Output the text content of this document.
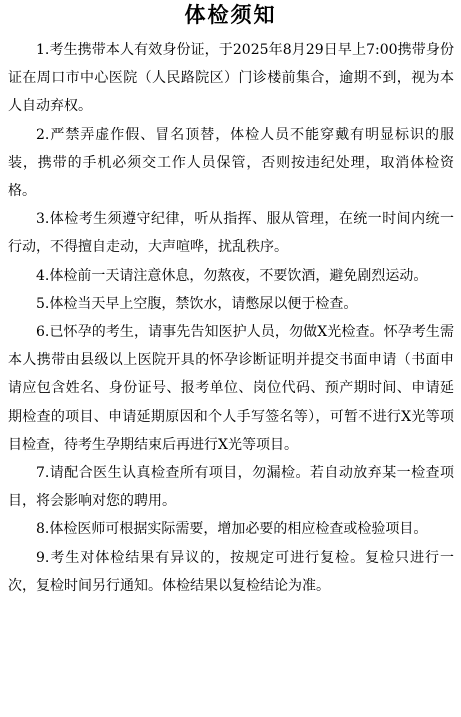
体检须知

1.考生携带本人有效身份证，于2025年8月29日早上7:00携带身份证在周口市中心医院（人民路院区）门诊楼前集合，逾期不到，视为本人自动弃权。

2.严禁弄虚作假、冒名顶替，体检人员不能穿戴有明显标识的服装，携带的手机必须交工作人员保管，否则按违纪处理，取消体检资格。

3.体检考生须遵守纪律，听从指挥、服从管理，在统一时间内统一行动，不得擅自走动，大声喧哗，扰乱秩序。

4.体检前一天请注意休息，勿熬夜，不要饮酒，避免剧烈运动。

5.体检当天早上空腹，禁饮水，请憋尿以便于检查。

6.已怀孕的考生，请事先告知医护人员，勿做X光检查。怀孕考生需本人携带由县级以上医院开具的怀孕诊断证明并提交书面申请（书面申请应包含姓名、身份证号、报考单位、岗位代码、预产期时间、申请延期检查的项目、申请延期原因和个人手写签名等），可暂不进行X光等项目检查，待考生孕期结束后再进行X光等项目。

7.请配合医生认真检查所有项目，勿漏检。若自动放弃某一检查项目，将会影响对您的聘用。

8.体检医师可根据实际需要，增加必要的相应检查或检验项目。

9.考生对体检结果有异议的，按规定可进行复检。复检只进行一次，复检时间另行通知。体检结果以复检结论为准。
